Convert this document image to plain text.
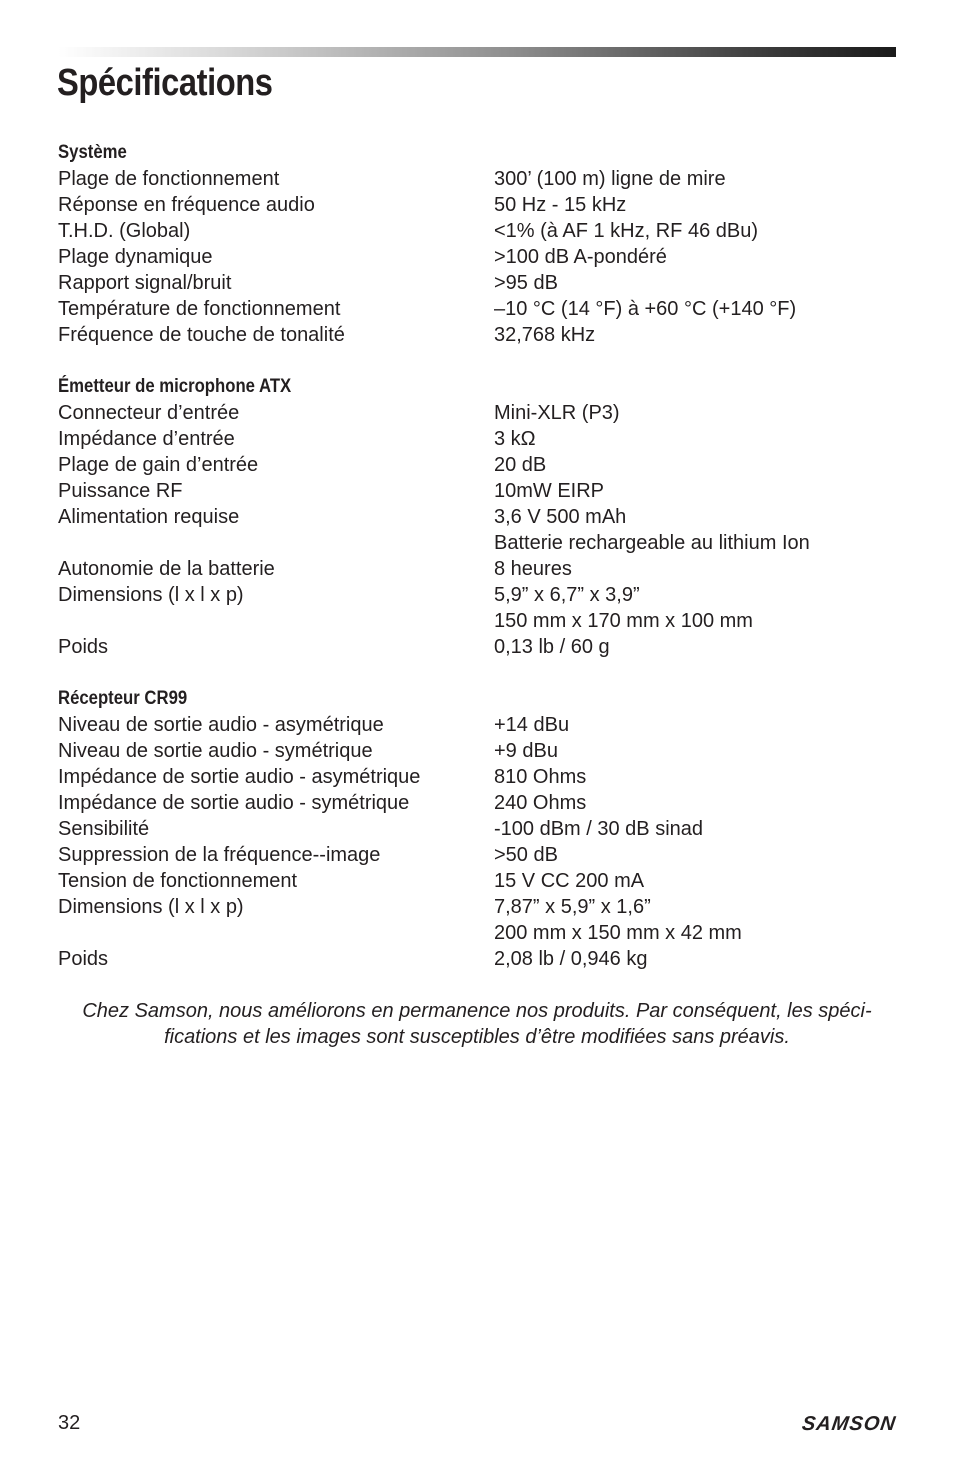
Spécifications
Système
Plage de fonctionnement	300’ (100 m) ligne de mire
Réponse en fréquence audio	50 Hz - 15 kHz
T.H.D. (Global)	<1% (à AF 1 kHz, RF 46 dBu)
Plage dynamique	>100 dB A-pondéré
Rapport signal/bruit	>95 dB
Température de fonctionnement	–10 °C (14 °F) à +60 °C (+140 °F)
Fréquence de touche de tonalité	32,768 kHz
Émetteur de microphone ATX
Connecteur d’entrée	Mini-XLR (P3)
Impédance d’entrée	3 kΩ
Plage de gain d’entrée	20 dB
Puissance RF	10mW EIRP
Alimentation requise	3,6 V 500 mAh
Batterie rechargeable au lithium Ion
Autonomie de la batterie	8 heures
Dimensions (l x l x p)	5,9” x 6,7” x 3,9”
150 mm x 170 mm x 100 mm
Poids	0,13 lb / 60 g
Récepteur CR99
Niveau de sortie audio - asymétrique	+14 dBu
Niveau de sortie audio - symétrique	+9 dBu
Impédance de sortie audio - asymétrique	810 Ohms
Impédance de sortie audio - symétrique	240 Ohms
Sensibilité	-100 dBm / 30 dB sinad
Suppression de la fréquence--image	>50 dB
Tension de fonctionnement	15 V CC 200 mA
Dimensions (l x l x p)	7,87” x 5,9” x 1,6”
200 mm x 150 mm x 42 mm
Poids	2,08 lb / 0,946 kg
Chez Samson, nous améliorons en permanence nos produits. Par conséquent, les spéci-
fications et les images sont susceptibles d’être modifiées sans préavis.
32	SAMSON
